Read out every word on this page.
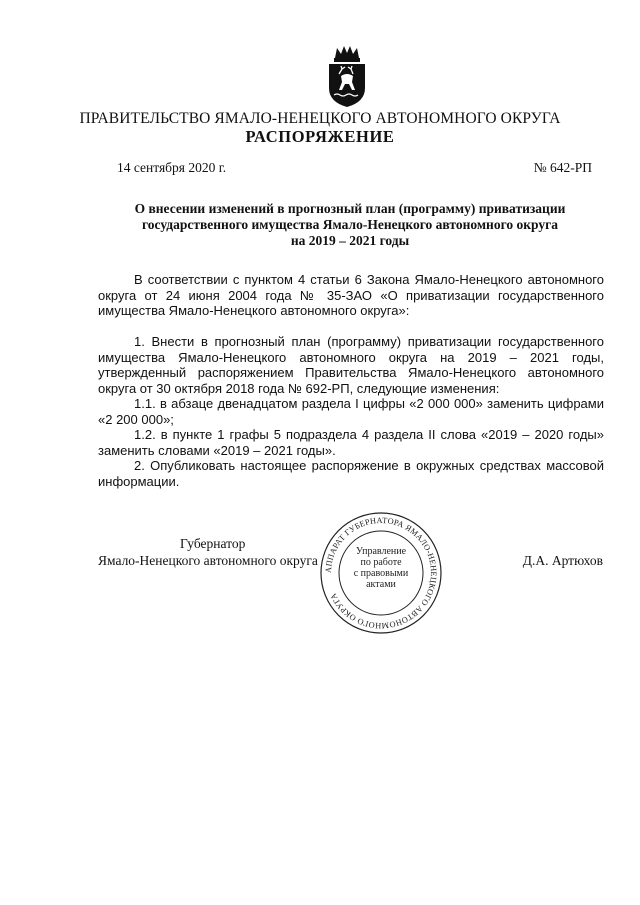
ПРАВИТЕЛЬСТВО ЯМАЛО-НЕНЕЦКОГО АВТОНОМНОГО ОКРУГА
РАСПОРЯЖЕНИЕ
14 сентября 2020 г.	№ 642-РП
О внесении изменений в прогнозный план (программу) приватизации
государственного имущества Ямало-Ненецкого автономного округа
на 2019 – 2021 годы

В соответствии с пунктом 4 статьи 6 Закона Ямало-Ненецкого автономного округа от 24 июня 2004 года № 35-ЗАО «О приватизации государственного имущества Ямало-Ненецкого автономного округа»:

1. Внести в прогнозный план (программу) приватизации государственного имущества Ямало-Ненецкого автономного округа на 2019 – 2021 годы, утвержденный распоряжением Правительства Ямало-Ненецкого автономного округа от 30 октября 2018 года № 692-РП, следующие изменения:

1.1. в абзаце двенадцатом раздела I цифры «2 000 000» заменить цифрами «2 200 000»;

1.2. в пункте 1 графы 5 подраздела 4 раздела II слова «2019 – 2020 годы» заменить словами «2019 – 2021 годы».

2. Опубликовать настоящее распоряжение в окружных средствах массовой информации.

Губернатор
Ямало-Ненецкого автономного округа	Д.А. Артюхов
АППАРАТ ГУБЕРНАТОРА ЯМАЛО-НЕНЕЦКОГО АВТОНОМНОГО ОКРУГА
Управление
по работе
с правовыми
актами
